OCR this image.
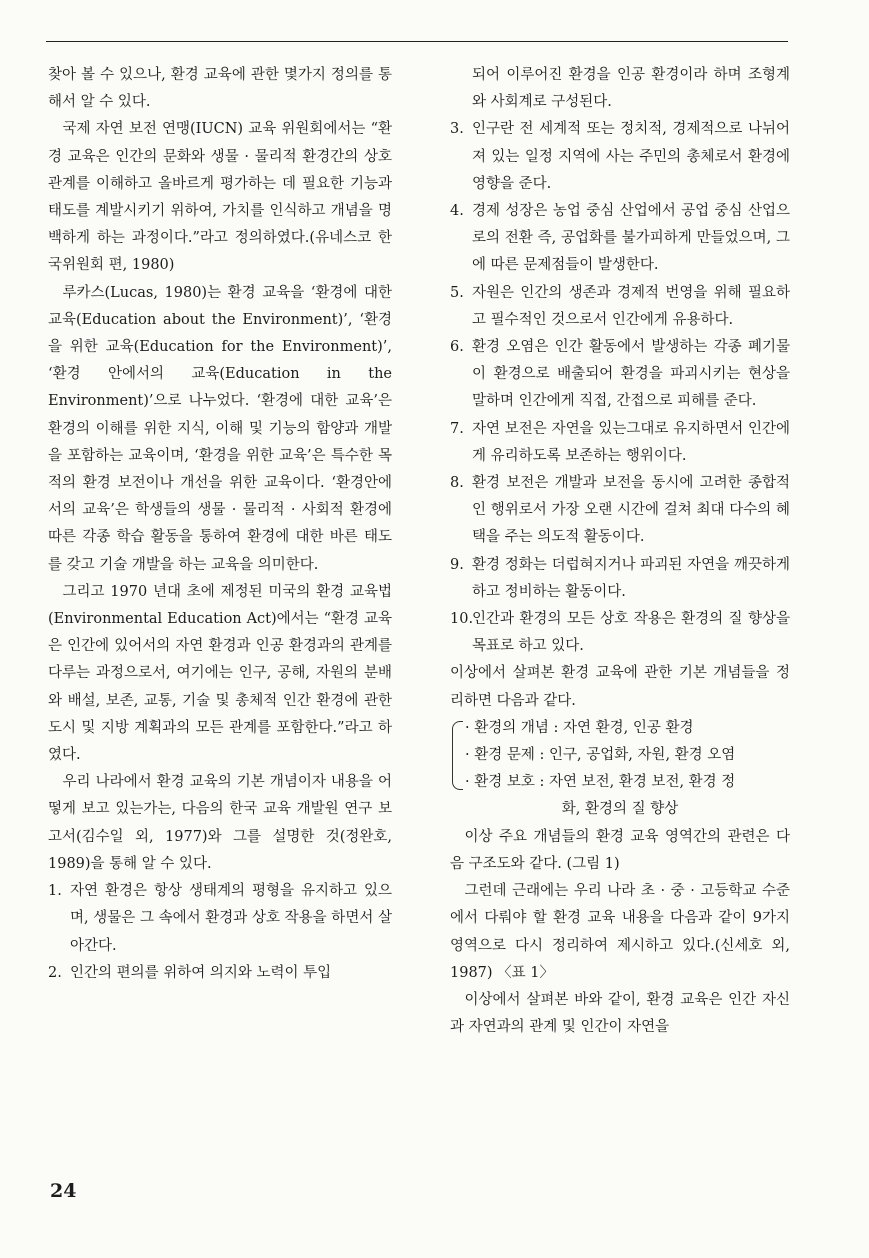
찾아 볼 수 있으나, 환경 교육에 관한 몇가지 정의를 통해서 알 수 있다.

국제 자연 보전 연맹(IUCN) 교육 위원회에서는 “환경 교육은 인간의 문화와 생물 · 물리적 환경간의 상호 관계를 이해하고 올바르게 평가하는 데 필요한 기능과 태도를 계발시키기 위하여, 가치를 인식하고 개념을 명백하게 하는 과정이다.”라고 정의하였다.(유네스코 한국위원회 편, 1980)

루카스(Lucas, 1980)는 환경 교육을 ‘환경에 대한 교육(Education about the Environment)’, ‘환경을 위한 교육(Education for the Environment)’, ‘환경 안에서의 교육(Education in the Environment)’으로 나누었다. ‘환경에 대한 교육’은 환경의 이해를 위한 지식, 이해 및 기능의 함양과 개발을 포함하는 교육이며, ‘환경을 위한 교육’은 특수한 목적의 환경 보전이나 개선을 위한 교육이다. ‘환경안에서의 교육’은 학생들의 생물 · 물리적 · 사회적 환경에 따른 각종 학습 활동을 통하여 환경에 대한 바른 태도를 갖고 기술 개발을 하는 교육을 의미한다.

그리고 1970 년대 초에 제정된 미국의 환경 교육법(Environmental Education Act)에서는 “환경 교육은 인간에 있어서의 자연 환경과 인공 환경과의 관계를 다루는 과정으로서, 여기에는 인구, 공해, 자원의 분배와 배설, 보존, 교통, 기술 및 총체적 인간 환경에 관한 도시 및 지방 계획과의 모든 관계를 포함한다.”라고 하였다.

우리 나라에서 환경 교육의 기본 개념이자 내용을 어떻게 보고 있는가는, 다음의 한국 교육 개발원 연구 보고서(김수일 외, 1977)와 그를 설명한 것(정완호, 1989)을 통해 알 수 있다.

1. 자연 환경은 항상 생태계의 평형을 유지하고 있으며, 생물은 그 속에서 환경과 상호 작용을 하면서 살아간다.
2. 인간의 편의를 위하여 의지와 노력이 투입

되어 이루어진 환경을 인공 환경이라 하며 조형계와 사회계로 구성된다.

3. 인구란 전 세계적 또는 정치적, 경제적으로 나뉘어져 있는 일정 지역에 사는 주민의 총체로서 환경에 영향을 준다.
4. 경제 성장은 농업 중심 산업에서 공업 중심 산업으로의 전환 즉, 공업화를 불가피하게 만들었으며, 그에 따른 문제점들이 발생한다.
5. 자원은 인간의 생존과 경제적 번영을 위해 필요하고 필수적인 것으로서 인간에게 유용하다.
6. 환경 오염은 인간 활동에서 발생하는 각종 폐기물이 환경으로 배출되어 환경을 파괴시키는 현상을 말하며 인간에게 직접, 간접으로 피해를 준다.
7. 자연 보전은 자연을 있는그대로 유지하면서 인간에게 유리하도록 보존하는 행위이다.
8. 환경 보전은 개발과 보전을 동시에 고려한 종합적인 행위로서 가장 오랜 시간에 걸쳐 최대 다수의 혜택을 주는 의도적 활동이다.
9. 환경 정화는 더럽혀지거나 파괴된 자연을 깨끗하게 하고 정비하는 활동이다.
10.
인간과 환경의 모든 상호 작용은 환경의 질 향상을 목표로 하고 있다.

이상에서 살펴본 환경 교육에 관한 기본 개념들을 정리하면 다음과 같다.

· 환경의 개념 : 자연 환경, 인공 환경

· 환경 문제 : 인구, 공업화, 자원, 환경 오염

· 환경 보호 : 자연 보전, 환경 보전, 환경 정

화, 환경의 질 향상

이상 주요 개념들의 환경 교육 영역간의 관련은 다음 구조도와 같다. (그림 1)

그런데 근래에는 우리 나라 초 · 중 · 고등학교 수준에서 다뤄야 할 환경 교육 내용을 다음과 같이 9가지 영역으로 다시 정리하여 제시하고 있다.(신세호 외, 1987) 〈표 1〉

이상에서 살펴본 바와 같이, 환경 교육은 인간 자신과 자연과의 관계 및 인간이 자연을

24
